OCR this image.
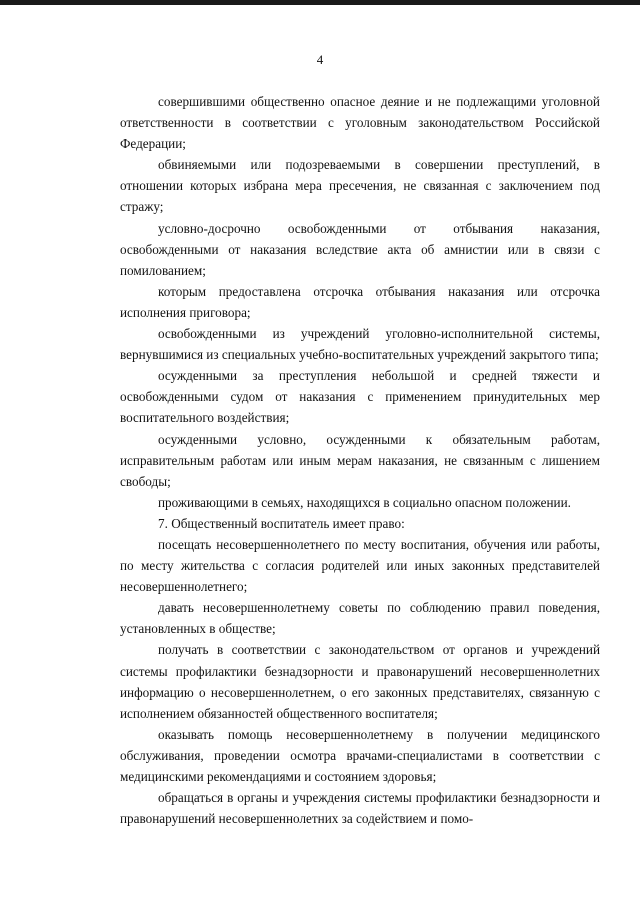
4

совершившими общественно опасное деяние и не подлежащими уголовной ответственности в соответствии с уголовным законодательством Российской Федерации;

обвиняемыми или подозреваемыми в совершении преступлений, в отношении которых избрана мера пресечения, не связанная с заключением под стражу;

условно-досрочно освобожденными от отбывания наказания, освобожденными от наказания вследствие акта об амнистии или в связи с помилованием;

которым предоставлена отсрочка отбывания наказания или отсрочка исполнения приговора;

освобожденными из учреждений уголовно-исполнительной системы, вернувшимися из специальных учебно-воспитательных учреждений закрытого типа;

осужденными за преступления небольшой и средней тяжести и освобожденными судом от наказания с применением принудительных мер воспитательного воздействия;

осужденными условно, осужденными к обязательным работам, исправительным работам или иным мерам наказания, не связанным с лишением свободы;

проживающими в семьях, находящихся в социально опасном положении.

7. Общественный воспитатель имеет право:

посещать несовершеннолетнего по месту воспитания, обучения или работы, по месту жительства с согласия родителей или иных законных представителей несовершеннолетнего;

давать несовершеннолетнему советы по соблюдению правил поведения, установленных в обществе;

получать в соответствии с законодательством от органов и учреждений системы профилактики безнадзорности и правонарушений несовершеннолетних информацию о несовершеннолетнем, о его законных представителях, связанную с исполнением обязанностей общественного воспитателя;

оказывать помощь несовершеннолетнему в получении медицинского обслуживания, проведении осмотра врачами-специалистами в соответствии с медицинскими рекомендациями и состоянием здоровья;

обращаться в органы и учреждения системы профилактики безнадзорности и правонарушений несовершеннолетних за содействием и помо-
